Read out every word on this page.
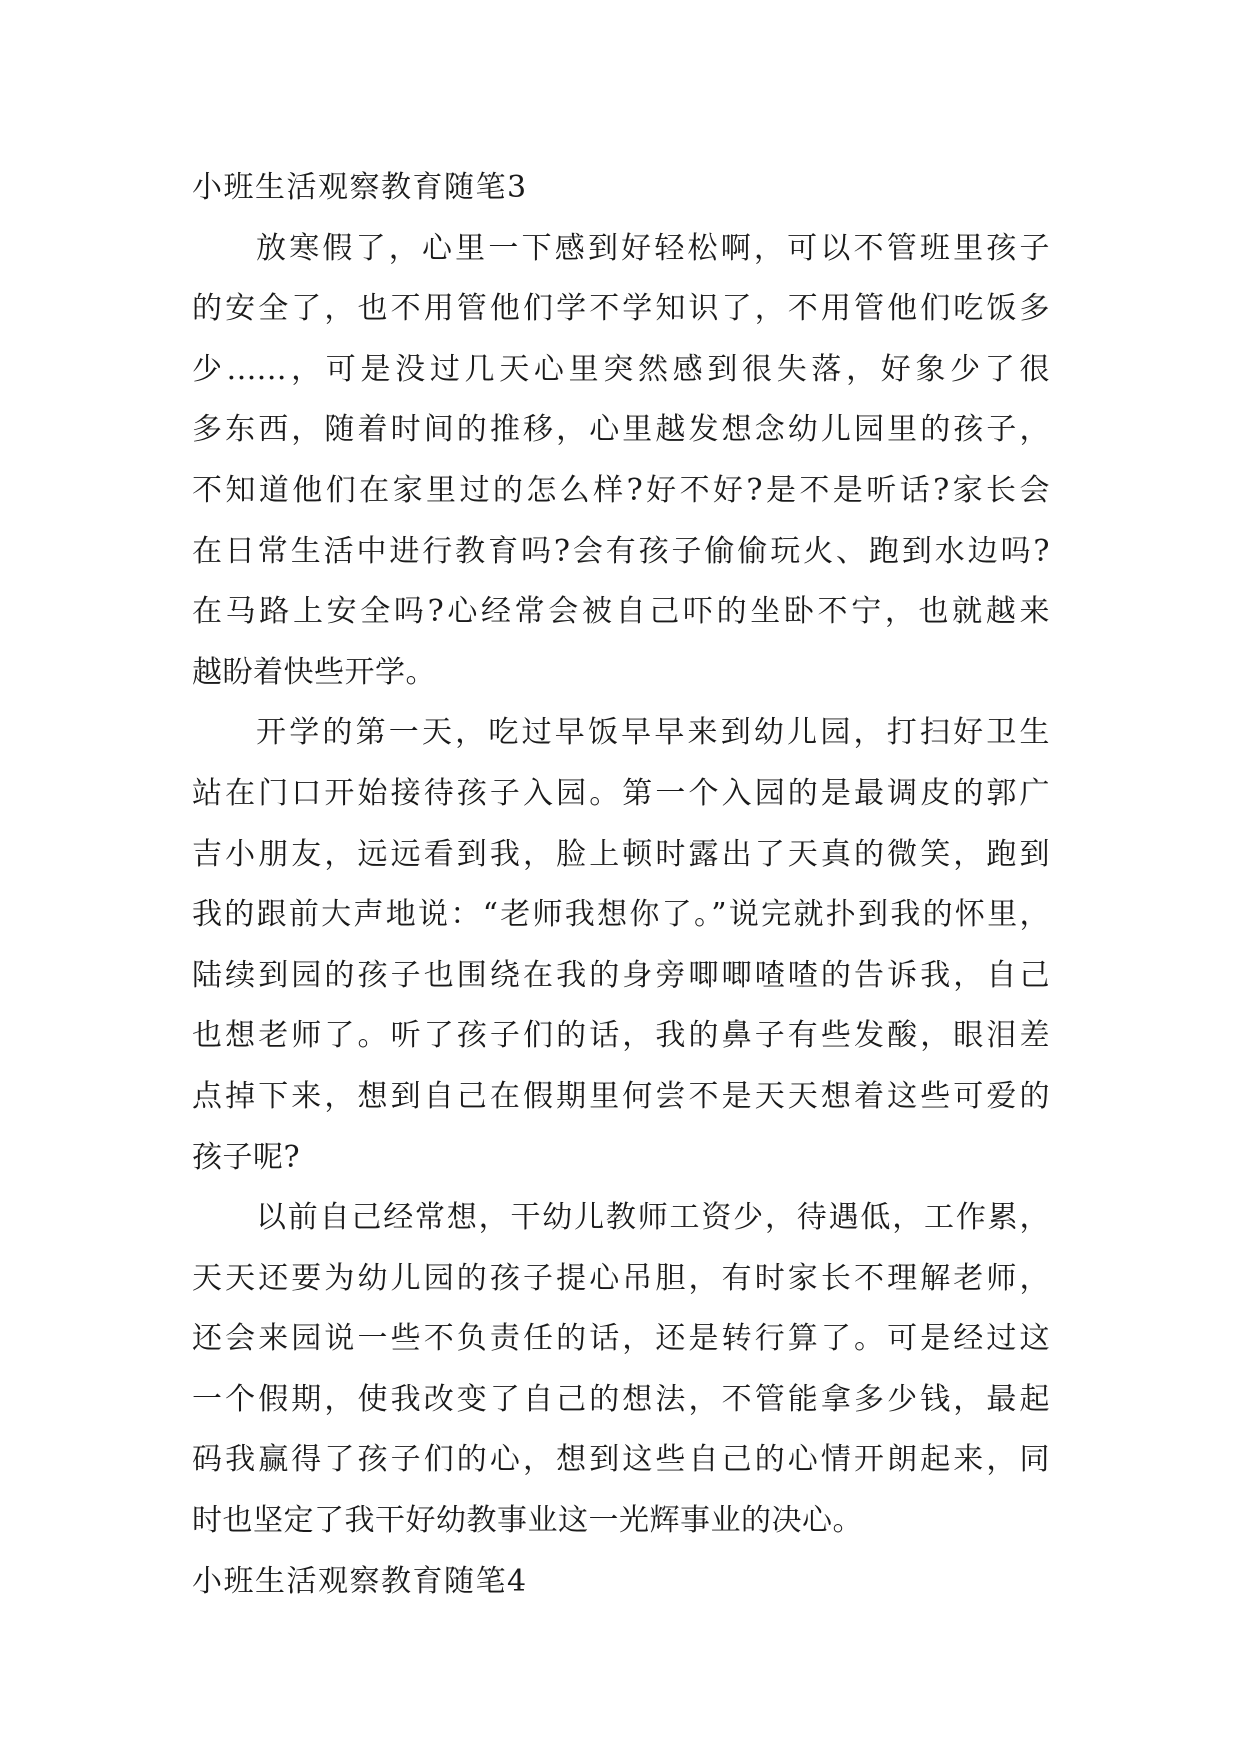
小班生活观察教育随笔3
放寒假了，心里一下感到好轻松啊，可以不管班里孩子
的安全了，也不用管他们学不学知识了，不用管他们吃饭多
少......，可是没过几天心里突然感到很失落，好象少了很
多东西，随着时间的推移，心里越发想念幼儿园里的孩子，
不知道他们在家里过的怎么样?好不好?是不是听话?家长会
在日常生活中进行教育吗?会有孩子偷偷玩火、跑到水边吗?
在马路上安全吗?心经常会被自己吓的坐卧不宁，也就越来
越盼着快些开学。
开学的第一天，吃过早饭早早来到幼儿园，打扫好卫生
站在门口开始接待孩子入园。第一个入园的是最调皮的郭广
吉小朋友，远远看到我，脸上顿时露出了天真的微笑，跑到
我的跟前大声地说：“老师我想你了。”说完就扑到我的怀里，
陆续到园的孩子也围绕在我的身旁唧唧喳喳的告诉我，自己
也想老师了。听了孩子们的话，我的鼻子有些发酸，眼泪差
点掉下来，想到自己在假期里何尝不是天天想着这些可爱的
孩子呢?
以前自己经常想，干幼儿教师工资少，待遇低，工作累，
天天还要为幼儿园的孩子提心吊胆，有时家长不理解老师，
还会来园说一些不负责任的话，还是转行算了。可是经过这
一个假期，使我改变了自己的想法，不管能拿多少钱，最起
码我赢得了孩子们的心，想到这些自己的心情开朗起来，同
时也坚定了我干好幼教事业这一光辉事业的决心。
小班生活观察教育随笔4
